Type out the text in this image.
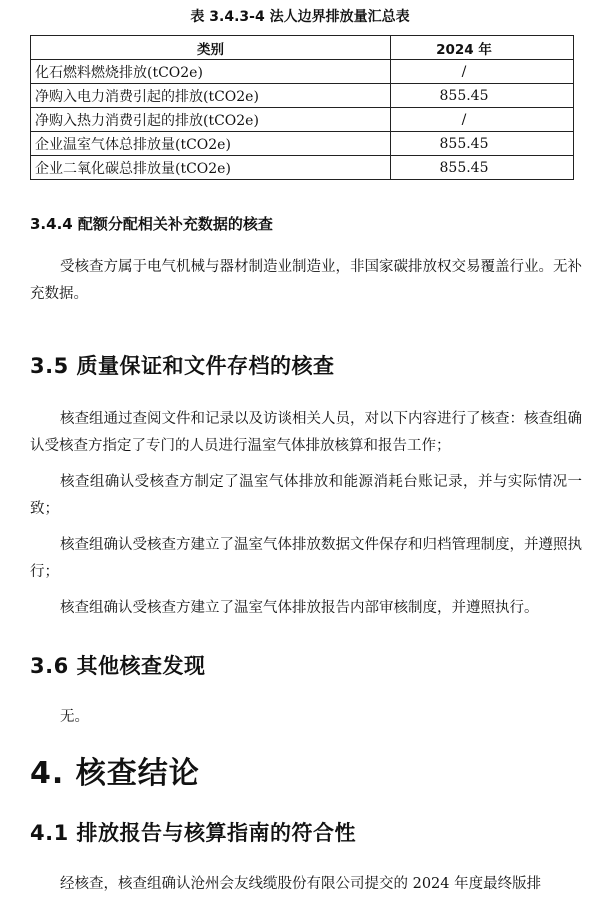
表 3.4.3-4 法人边界排放量汇总表
类别	2024 年
化石燃料燃烧排放(tCO2e)	/
净购入电力消费引起的排放(tCO2e)	855.45
净购入热力消费引起的排放(tCO2e)	/
企业温室气体总排放量(tCO2e)	855.45
企业二氧化碳总排放量(tCO2e)	855.45
3.4.4 配额分配相关补充数据的核查

受核查方属于电气机械与器材制造业制造业，非国家碳排放权交易覆盖行业。无补充数据。

3.5 质量保证和文件存档的核查

核查组通过查阅文件和记录以及访谈相关人员，对以下内容进行了核查：核查组确认受核查方指定了专门的人员进行温室气体排放核算和报告工作；

核查组确认受核查方制定了温室气体排放和能源消耗台账记录，并与实际情况一致；

核查组确认受核查方建立了温室气体排放数据文件保存和归档管理制度，并遵照执行；

核查组确认受核查方建立了温室气体排放报告内部审核制度，并遵照执行。

3.6 其他核查发现

无。

4. 核查结论
4.1 排放报告与核算指南的符合性

经核查，核查组确认沧州会友线缆股份有限公司提交的 2024 年度最终版排
